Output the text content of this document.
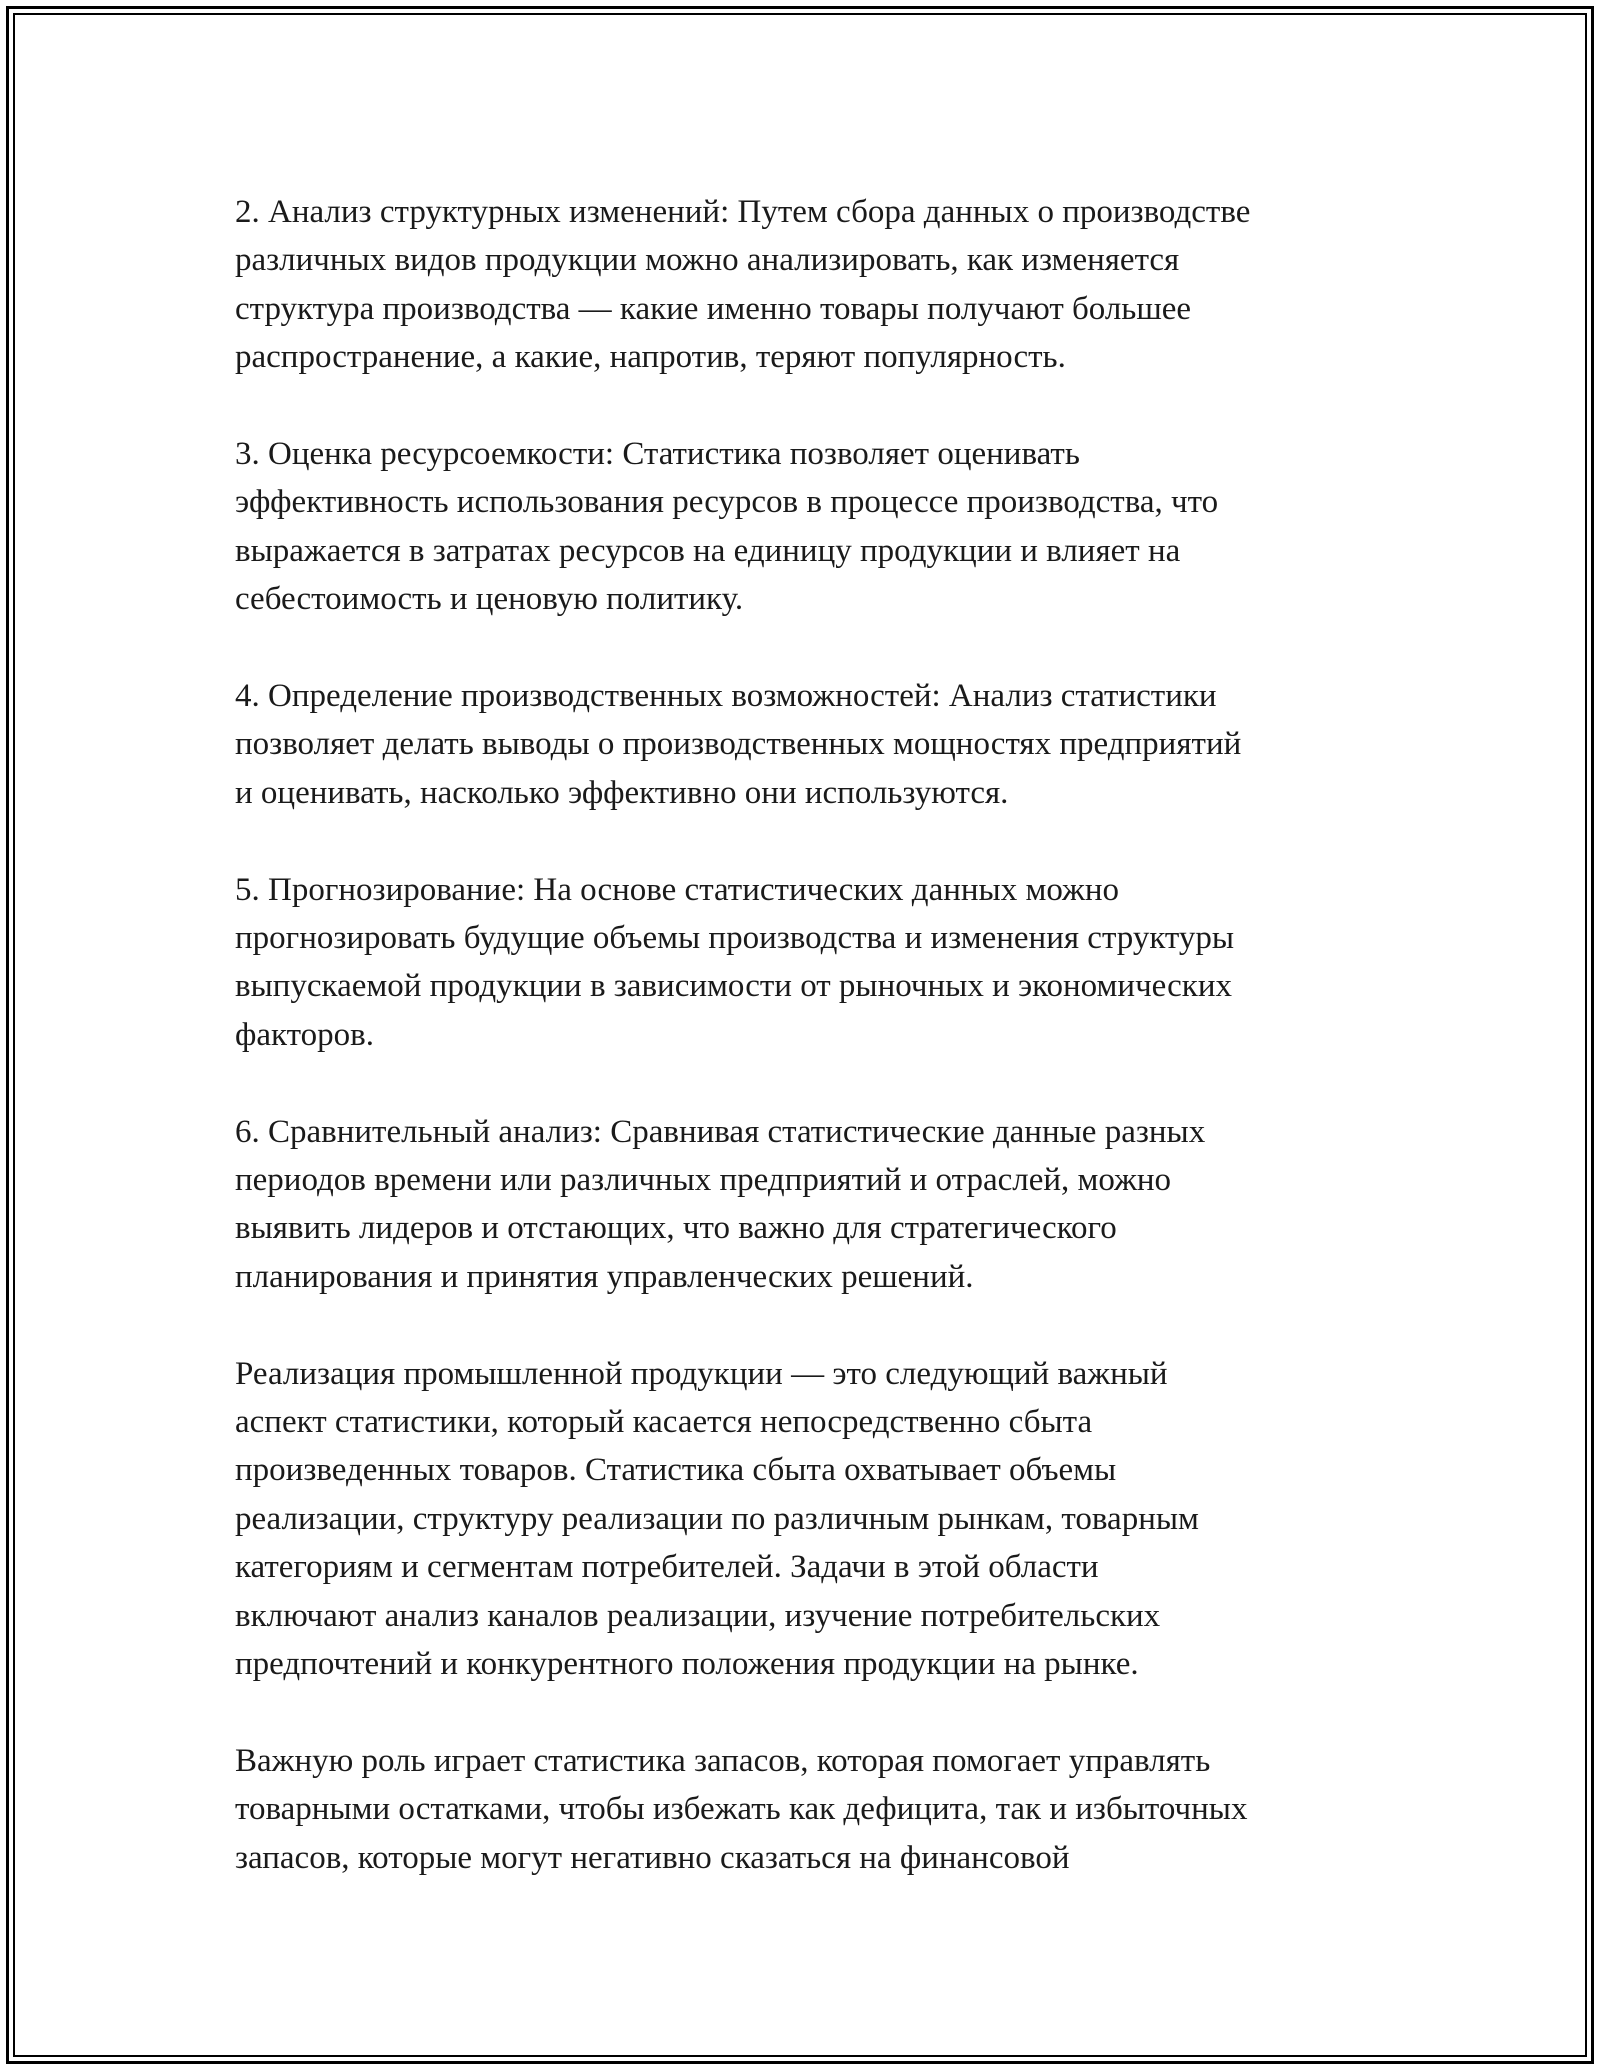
2. Анализ структурных изменений: Путем сбора данных о производстве
различных видов продукции можно анализировать, как изменяется
структура производства — какие именно товары получают большее
распространение, а какие, напротив, теряют популярность.

3. Оценка ресурсоемкости: Статистика позволяет оценивать
эффективность использования ресурсов в процессе производства, что
выражается в затратах ресурсов на единицу продукции и влияет на
себестоимость и ценовую политику.

4. Определение производственных возможностей: Анализ статистики
позволяет делать выводы о производственных мощностях предприятий
и оценивать, насколько эффективно они используются.

5. Прогнозирование: На основе статистических данных можно
прогнозировать будущие объемы производства и изменения структуры
выпускаемой продукции в зависимости от рыночных и экономических
факторов.

6. Сравнительный анализ: Сравнивая статистические данные разных
периодов времени или различных предприятий и отраслей, можно
выявить лидеров и отстающих, что важно для стратегического
планирования и принятия управленческих решений.

Реализация промышленной продукции — это следующий важный
аспект статистики, который касается непосредственно сбыта
произведенных товаров. Статистика сбыта охватывает объемы
реализации, структуру реализации по различным рынкам, товарным
категориям и сегментам потребителей. Задачи в этой области
включают анализ каналов реализации, изучение потребительских
предпочтений и конкурентного положения продукции на рынке.

Важную роль играет статистика запасов, которая помогает управлять
товарными остатками, чтобы избежать как дефицита, так и избыточных
запасов, которые могут негативно сказаться на финансовой
